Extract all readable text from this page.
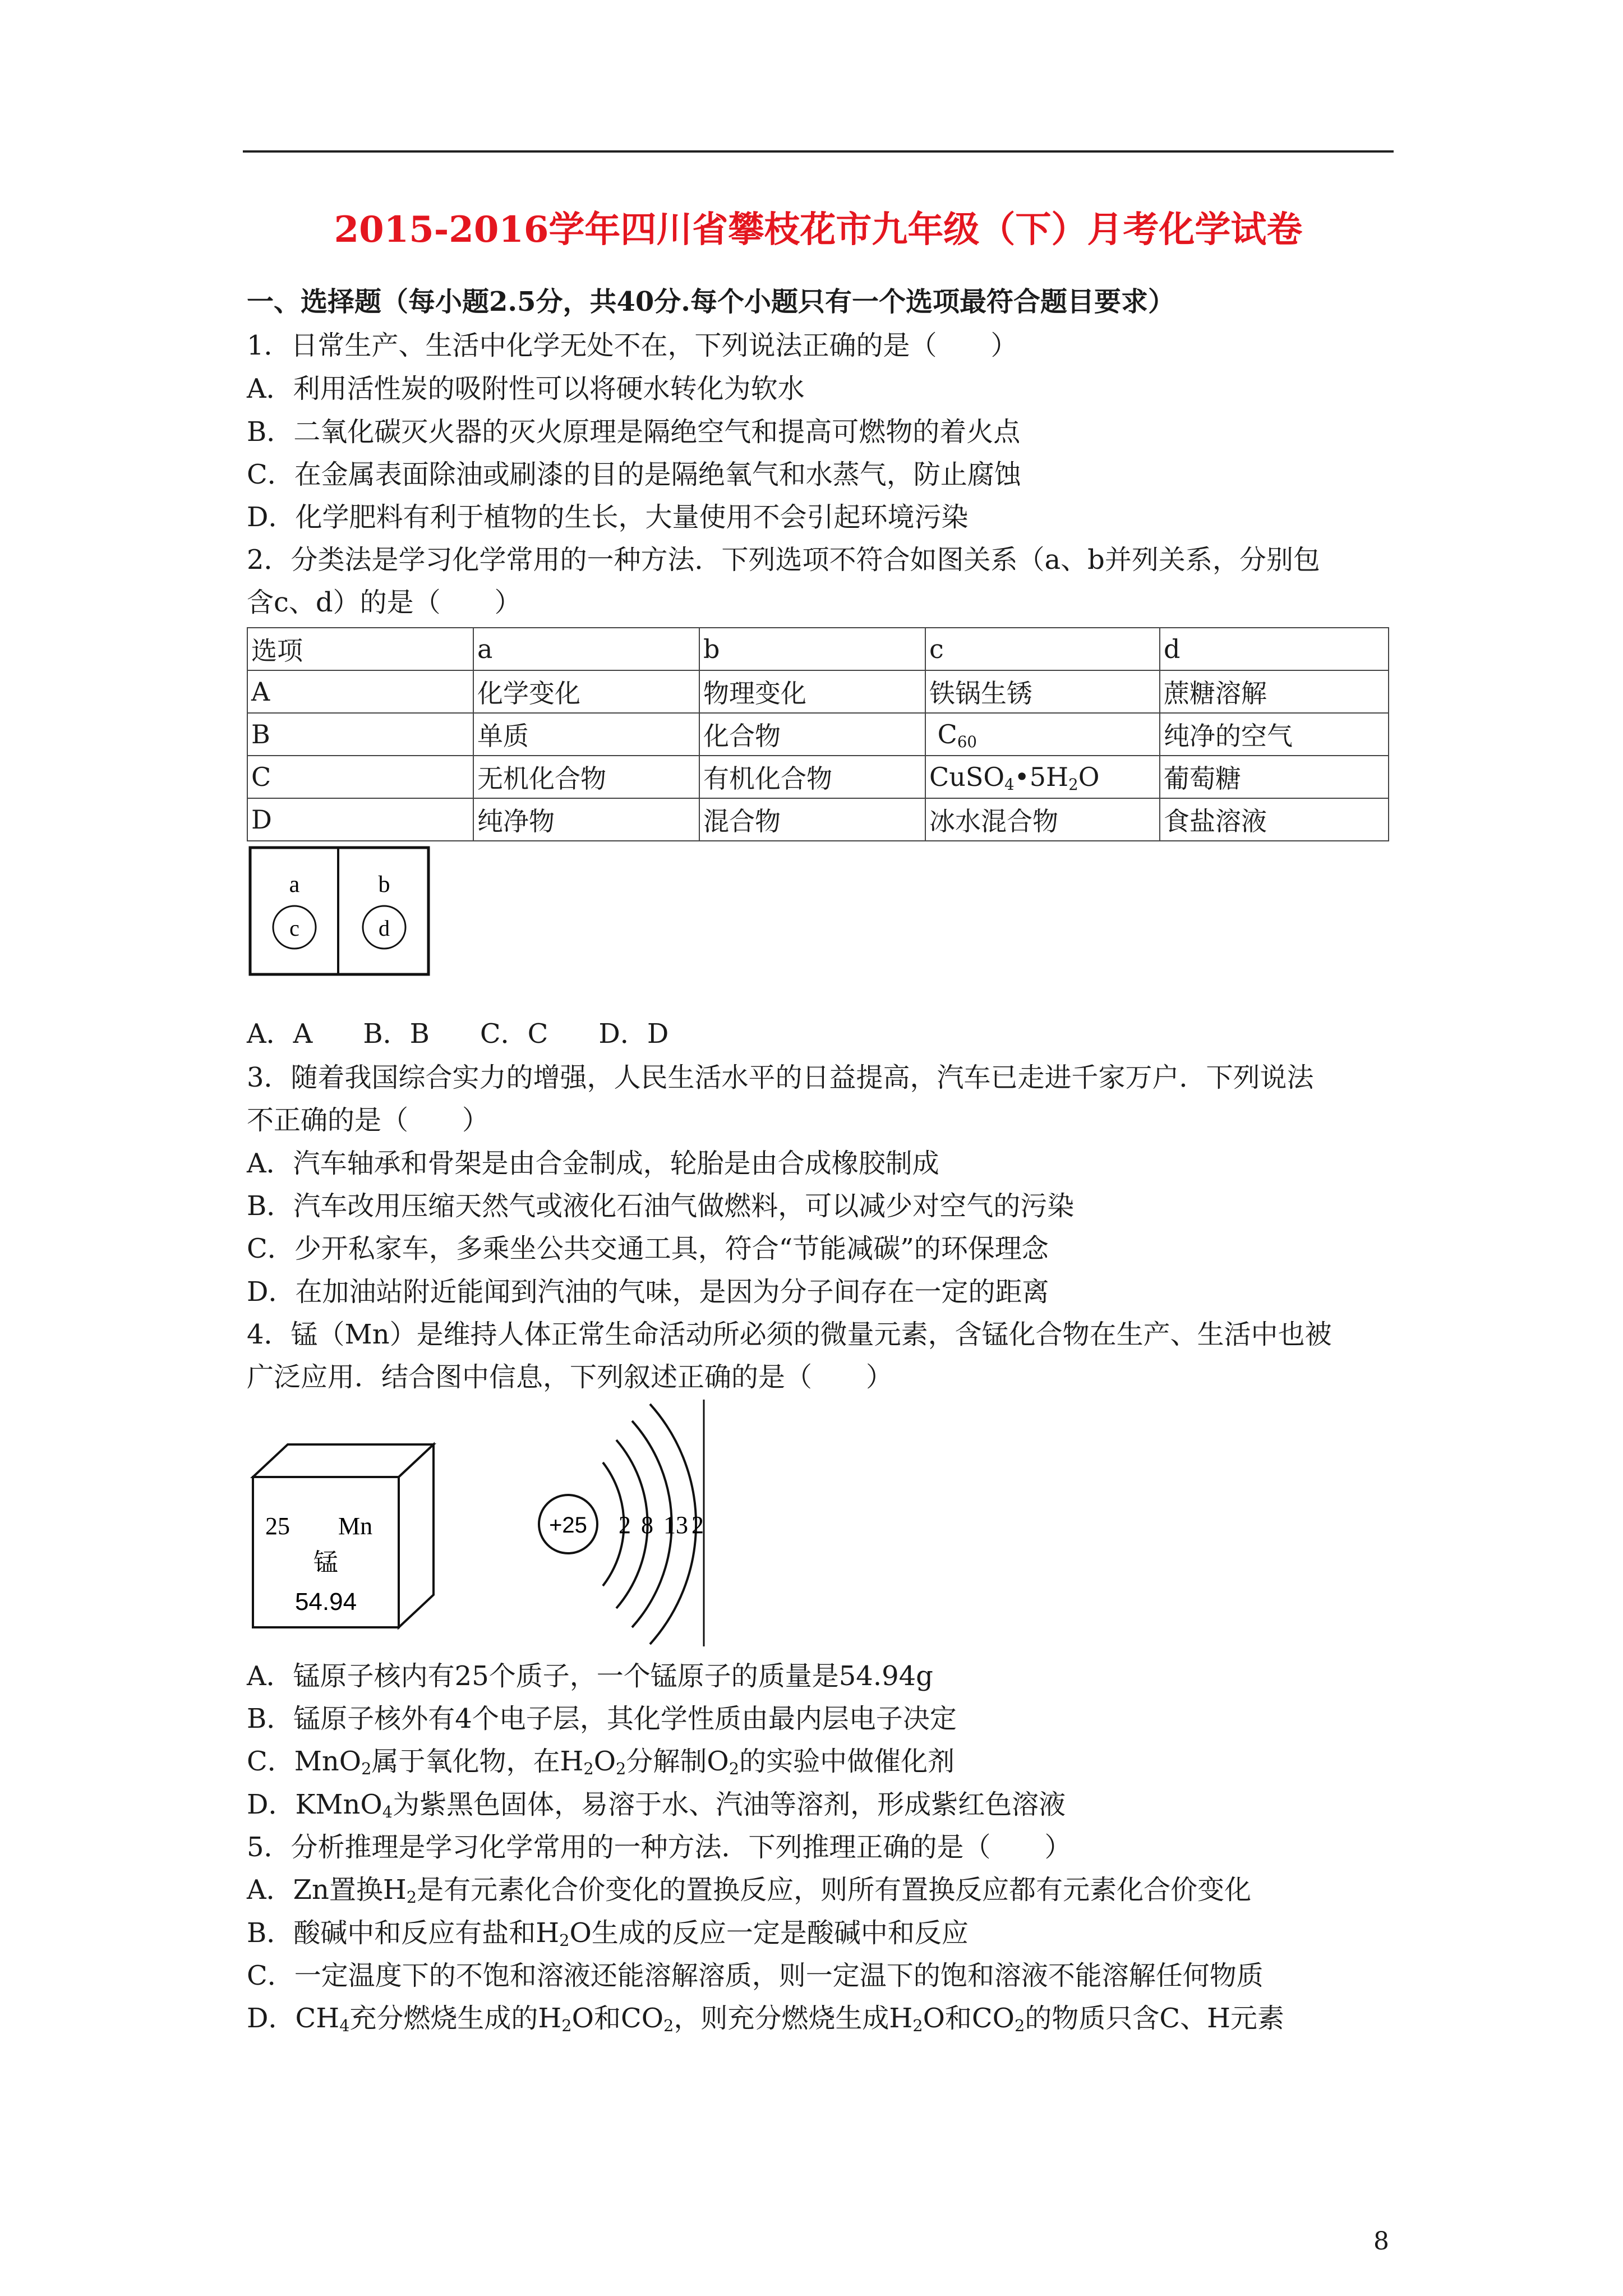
2015-2016学年四川省攀枝花市九年级（下）月考化学试卷
一、选择题（每小题2.5分，共40分.每个小题只有一个选项最符合题目要求）
1．日常生产、生活中化学无处不在，下列说法正确的是（　　）
A．利用活性炭的吸附性可以将硬水转化为软水
B．二氧化碳灭火器的灭火原理是隔绝空气和提高可燃物的着火点
C．在金属表面除油或刷漆的目的是隔绝氧气和水蒸气，防止腐蚀
D．化学肥料有利于植物的生长，大量使用不会引起环境污染
2．分类法是学习化学常用的一种方法．下列选项不符合如图关系（a、b并列关系，分别包
含c、d）的是（　　）
选项	a	b	c	d
A	化学变化	物理变化	铁锅生锈	蔗糖溶解
B	单质	化合物	$C_{60}$	纯净的空气
C	无机化合物	有机化合物	$CuSO_4•5H_2O$	葡萄糖
D	纯净物	混合物	冰水混合物	食盐溶液
a	b
c	d
A．A B．B C．C D．D
3．随着我国综合实力的增强，人民生活水平的日益提高，汽车已走进千家万户．下列说法
不正确的是（　　）
A．汽车轴承和骨架是由合金制成，轮胎是由合成橡胶制成
B．汽车改用压缩天然气或液化石油气做燃料，可以减少对空气的污染
C．少开私家车，多乘坐公共交通工具，符合“节能减碳”的环保理念
D．在加油站附近能闻到汽油的气味，是因为分子间存在一定的距离
4．锰（Mn）是维持人体正常生命活动所必须的微量元素，含锰化合物在生产、生活中也被
广泛应用．结合图中信息，下列叙述正确的是（　　）
25 Mn
锰
54.94
+25 2 8 13 2
A．锰原子核内有25个质子，一个锰原子的质量是54.94g
B．锰原子核外有4个电子层，其化学性质由最内层电子决定
C．MnO$_2$属于氧化物，在$H_2O_2$分解制$O_2$的实验中做催化剂
D．KMnO$_4$为紫黑色固体，易溶于水、汽油等溶剂，形成紫红色溶液
5．分析推理是学习化学常用的一种方法．下列推理正确的是（　　）
A．Zn置换$H_2$是有元素化合价变化的置换反应，则所有置换反应都有元素化合价变化
B．酸碱中和反应有盐和$H_2O$生成的反应一定是酸碱中和反应
C．一定温度下的不饱和溶液还能溶解溶质，则一定温下的饱和溶液不能溶解任何物质
D．$CH_4$充分燃烧生成的$H_2O$和$CO_2$，则充分燃烧生成$H_2O$和$CO_2$的物质只含C、H元素
8
